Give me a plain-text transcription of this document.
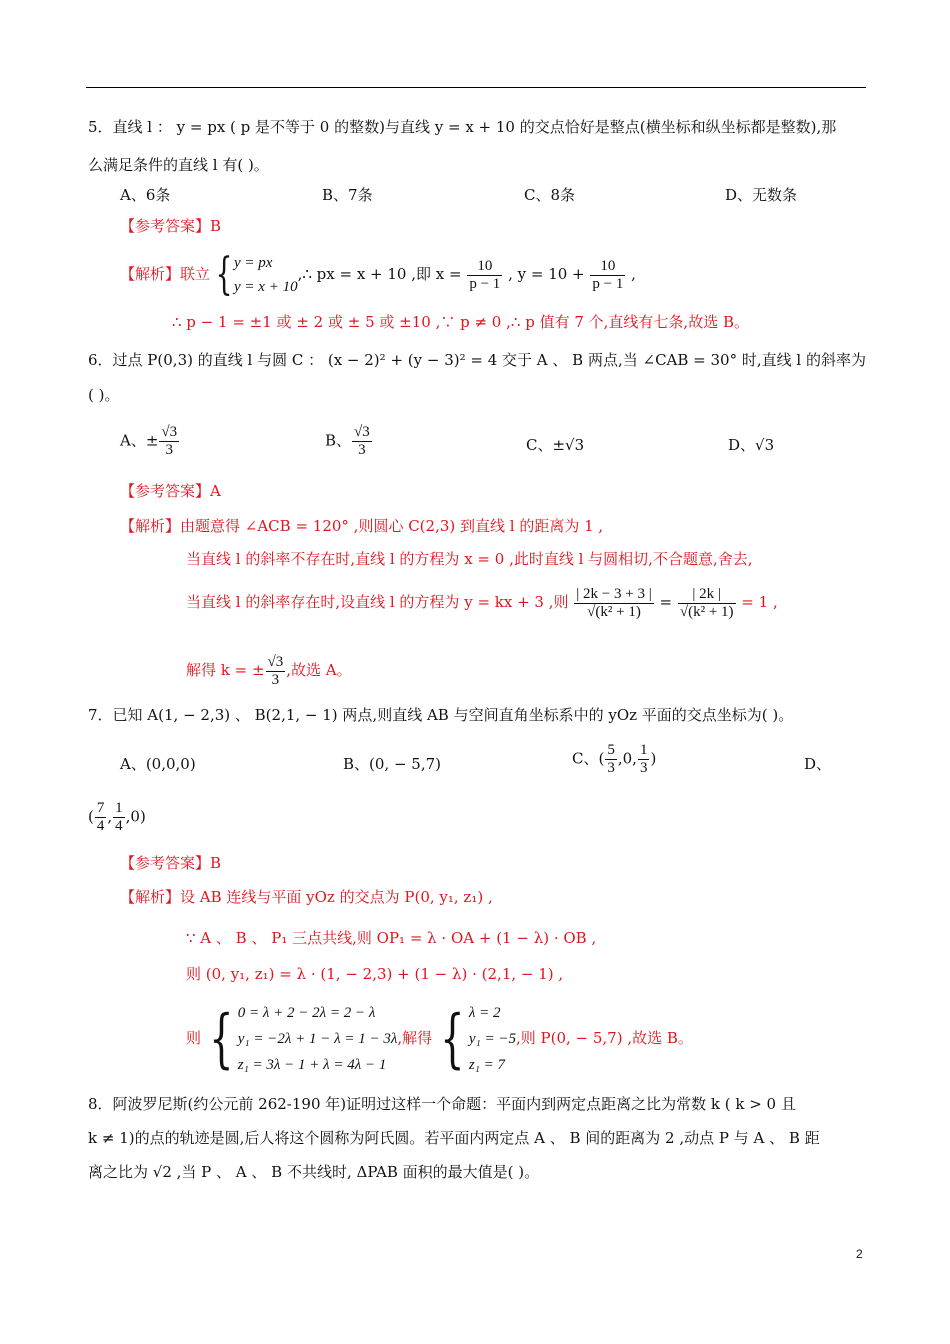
5．直线 l ： y = px ( p 是不等于 0 的整数)与直线 y = x + 10 的交点恰好是整点(横坐标和纵坐标都是整数),那
么满足条件的直线 l 有( )。
A、6条	B、7条	C、8条	D、无数条
【参考答案】B
【解析】联立 { y = px
y = x + 10
,∴ px = x + 10 ,即 $x = \frac{10}{p - 1}$ , $y = 10 + \frac{10}{p - 1}$ ,
∴ p − 1 = ±1 或 ± 2 或 ± 5 或 ±10 ,∵ p ≠ 0 ,∴ p 值有 7 个,直线有七条,故选 B。
6．过点 P(0,3) 的直线 l 与圆 C ： (x − 2)² + (y − 3)² = 4 交于 A 、 B 两点,当 ∠CAB = 30° 时,直线 l 的斜率为
( )。
A、± $\frac{√3}{3}$	B、 $\frac{√3}{3}$	C、±√3	D、√3
【参考答案】A
【解析】由题意得 ∠ACB = 120° ,则圆心 C(2,3) 到直线 l 的距离为 1 ,
当直线 l 的斜率不存在时,直线 l 的方程为 x = 0 ,此时直线 l 与圆相切,不合题意,舍去,
当直线 l 的斜率存在时,设直线 l 的方程为 y = kx + 3 ,则 $\frac{| 2k - 3 + 3 |}{\text{√(k² + 1)}} = \frac{| 2k |}{\text{√(k² + 1)}} = 1$ ,
解得 k = ± $\frac{√3}{3}$ ,故选 A。
7．已知 A(1, − 2,3) 、 B(2,1, − 1) 两点,则直线 AB 与空间直角坐标系中的 yOz 平面的交点坐标为( )。
A、(0,0,0)	B、(0, − 5,7)	C、( $\frac{5}{3} ,0$, $\frac{1}{3}$ )	D、
( $\frac{7}{4}$ , $\frac{1}{4} ,0$)
【参考答案】B
【解析】设 AB 连线与平面 yOz 的交点为 P(0, y₁, z₁) ,
∵ A 、 B 、 P₁ 三点共线,则 OP₁ = λ · OA + (1 − λ) · OB ,
则 (0, y₁, z₁) = λ · (1, − 2,3) + (1 − λ) · (2,1, − 1) ,
则 { 0 = λ + 2 − 2λ = 2 − λ
y₁ = −2λ + 1 − λ = 1 − 3λ
z₁ = 3λ − 1 + λ = 4λ − 1
,解得 { λ = 2
y₁ = −5
z₁ = 7
,则 P(0, − 5,7) ,故选 B。
8．阿波罗尼斯(约公元前 262-190 年)证明过这样一个命题：平面内到两定点距离之比为常数 k ( k > 0 且
k ≠ 1)的点的轨迹是圆,后人将这个圆称为阿氏圆。若平面内两定点 A 、 B 间的距离为 2 ,动点 P 与 A 、 B 距
离之比为 √2 ,当 P 、 A 、 B 不共线时, ΔPAB 面积的最大值是( )。
2
